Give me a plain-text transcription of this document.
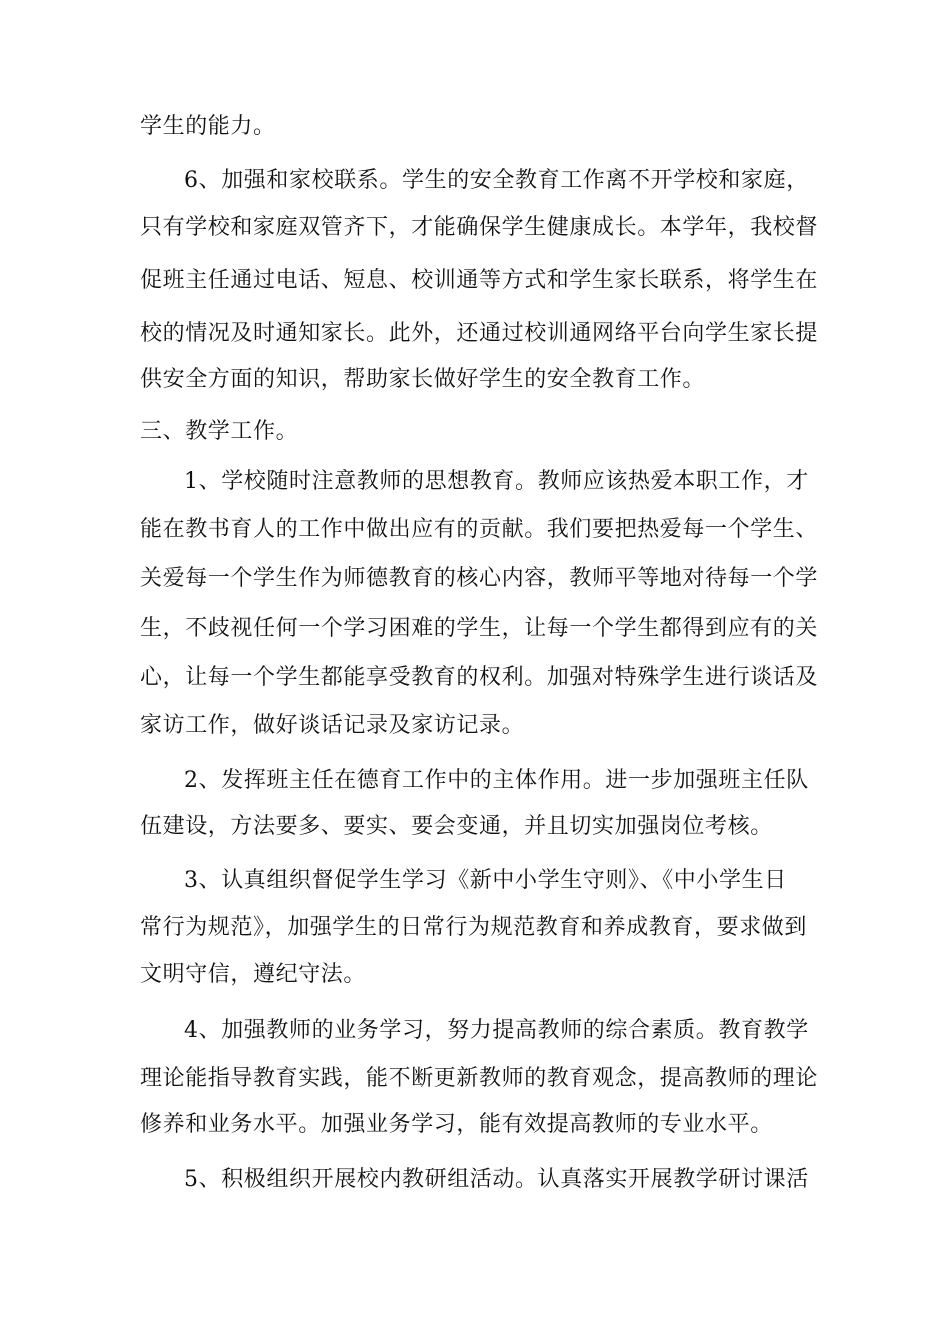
学生的能力。
6、加强和家校联系。学生的安全教育工作离不开学校和家庭，
只有学校和家庭双管齐下，才能确保学生健康成长。本学年，我校督
促班主任通过电话、短息、校训通等方式和学生家长联系，将学生在
校的情况及时通知家长。此外，还通过校训通网络平台向学生家长提
供安全方面的知识，帮助家长做好学生的安全教育工作。
三、教学工作。
1、学校随时注意教师的思想教育。教师应该热爱本职工作，才
能在教书育人的工作中做出应有的贡献。我们要把热爱每一个学生、
关爱每一个学生作为师德教育的核心内容，教师平等地对待每一个学
生，不歧视任何一个学习困难的学生，让每一个学生都得到应有的关
心，让每一个学生都能享受教育的权利。加强对特殊学生进行谈话及
家访工作，做好谈话记录及家访记录。
2、发挥班主任在德育工作中的主体作用。进一步加强班主任队
伍建设，方法要多、要实、要会变通，并且切实加强岗位考核。
3、认真组织督促学生学习《新中小学生守则》、《中小学生日
常行为规范》，加强学生的日常行为规范教育和养成教育，要求做到
文明守信，遵纪守法。
4、加强教师的业务学习，努力提高教师的综合素质。教育教学
理论能指导教育实践，能不断更新教师的教育观念，提高教师的理论
修养和业务水平。加强业务学习，能有效提高教师的专业水平。
5、积极组织开展校内教研组活动。认真落实开展教学研讨课活
